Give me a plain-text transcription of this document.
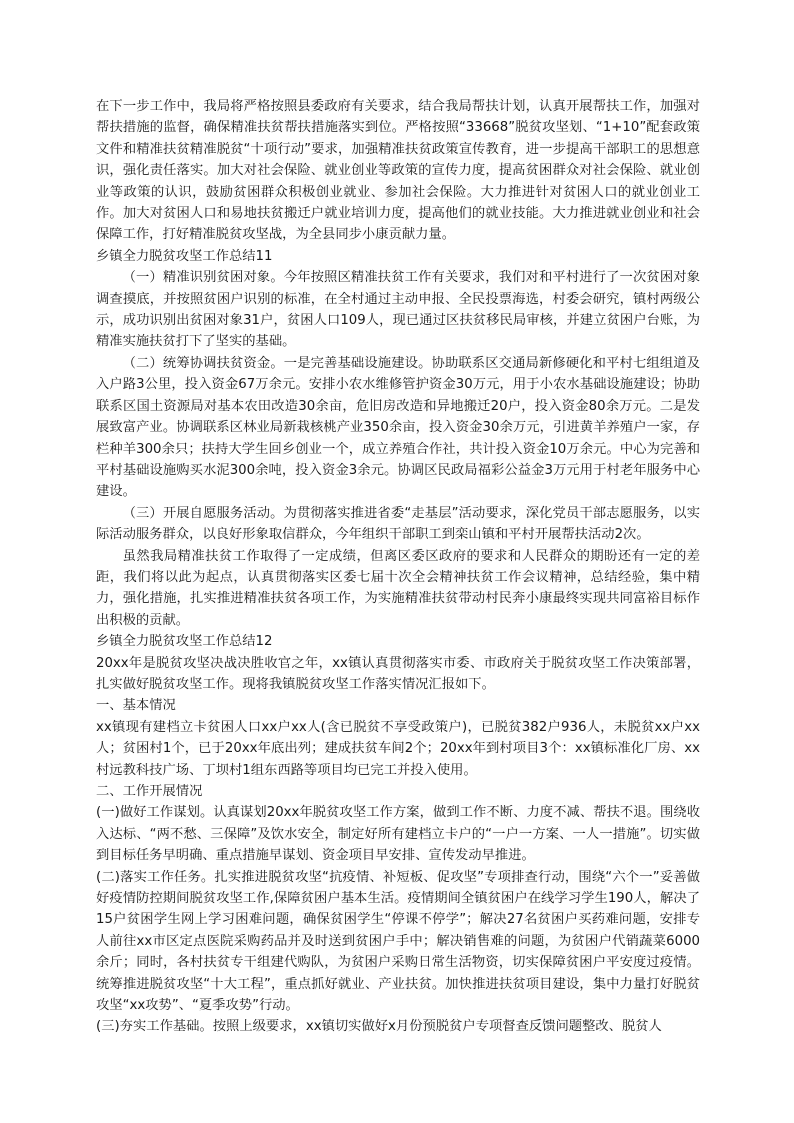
在下一步工作中，我局将严格按照县委政府有关要求，结合我局帮扶计划，认真开展帮扶工作，加强对帮扶措施的监督，确保精准扶贫帮扶措施落实到位。严格按照“33668”脱贫攻坚划、“1+10”配套政策文件和精准扶贫精准脱贫“十项行动”要求，加强精准扶贫政策宣传教育，进一步提高干部职工的思想意识，强化责任落实。加大对社会保险、就业创业等政策的宣传力度，提高贫困群众对社会保险、就业创业等政策的认识，鼓励贫困群众积极创业就业、参加社会保险。大力推进针对贫困人口的就业创业工作。加大对贫困人口和易地扶贫搬迁户就业培训力度，提高他们的就业技能。大力推进就业创业和社会保障工作，打好精准脱贫攻坚战，为全县同步小康贡献力量。

乡镇全力脱贫攻坚工作总结11

（一）精准识别贫困对象。今年按照区精准扶贫工作有关要求，我们对和平村进行了一次贫困对象调查摸底，并按照贫困户识别的标准，在全村通过主动申报、全民投票海选，村委会研究，镇村两级公示，成功识别出贫困对象31户，贫困人口109人，现已通过区扶贫移民局审核，并建立贫困户台账，为精准实施扶贫打下了坚实的基础。

（二）统筹协调扶贫资金。一是完善基础设施建设。协助联系区交通局新修硬化和平村七组组道及入户路3公里，投入资金67万余元。安排小农水维修管护资金30万元，用于小农水基础设施建设；协助联系区国土资源局对基本农田改造30余亩，危旧房改造和异地搬迁20户，投入资金80余万元。二是发展致富产业。协调联系区林业局新栽核桃产业350余亩，投入资金30余万元，引进黄羊养殖户一家，存栏种羊300余只；扶持大学生回乡创业一个，成立养殖合作社，共计投入资金10万余元。中心为完善和平村基础设施购买水泥300余吨，投入资金3余元。协调区民政局福彩公益金3万元用于村老年服务中心建设。

（三）开展自愿服务活动。为贯彻落实推进省委“走基层”活动要求，深化党员干部志愿服务，以实际活动服务群众，以良好形象取信群众，今年组织干部职工到栾山镇和平村开展帮扶活动2次。

虽然我局精准扶贫工作取得了一定成绩，但离区委区政府的要求和人民群众的期盼还有一定的差距，我们将以此为起点，认真贯彻落实区委七届十次全会精神扶贫工作会议精神，总结经验，集中精力，强化措施，扎实推进精准扶贫各项工作，为实施精准扶贫带动村民奔小康最终实现共同富裕目标作出积极的贡献。

乡镇全力脱贫攻坚工作总结12

20xx年是脱贫攻坚决战决胜收官之年，xx镇认真贯彻落实市委、市政府关于脱贫攻坚工作决策部署，扎实做好脱贫攻坚工作。现将我镇脱贫攻坚工作落实情况汇报如下。

一、基本情况

xx镇现有建档立卡贫困人口xx户xx人(含已脱贫不享受政策户)，已脱贫382户936人，未脱贫xx户xx人；贫困村1个，已于20xx年底出列；建成扶贫车间2个；20xx年到村项目3个：xx镇标准化厂房、xx村远教科技广场、丁坝村1组东西路等项目均已完工并投入使用。

二、工作开展情况

(一)做好工作谋划。认真谋划20xx年脱贫攻坚工作方案，做到工作不断、力度不减、帮扶不退。围绕收入达标、“两不愁、三保障”及饮水安全，制定好所有建档立卡户的“一户一方案、一人一措施”。切实做到目标任务早明确、重点措施早谋划、资金项目早安排、宣传发动早推进。

(二)落实工作任务。扎实推进脱贫攻坚“抗疫情、补短板、促攻坚”专项排查行动，围绕“六个一”妥善做好疫情防控期间脱贫攻坚工作,保障贫困户基本生活。疫情期间全镇贫困户在线学习学生190人，解决了15户贫困学生网上学习困难问题，确保贫困学生“停课不停学”；解决27名贫困户买药难问题，安排专人前往xx市区定点医院采购药品并及时送到贫困户手中；解决销售难的问题，为贫困户代销蔬菜6000余斤；同时，各村扶贫专干组建代购队，为贫困户采购日常生活物资，切实保障贫困户平安度过疫情。统筹推进脱贫攻坚“十大工程”，重点抓好就业、产业扶贫。加快推进扶贫项目建设，集中力量打好脱贫攻坚“xx攻势”、“夏季攻势”行动。

(三)夯实工作基础。按照上级要求，xx镇切实做好x月份预脱贫户专项督查反馈问题整改、脱贫人
